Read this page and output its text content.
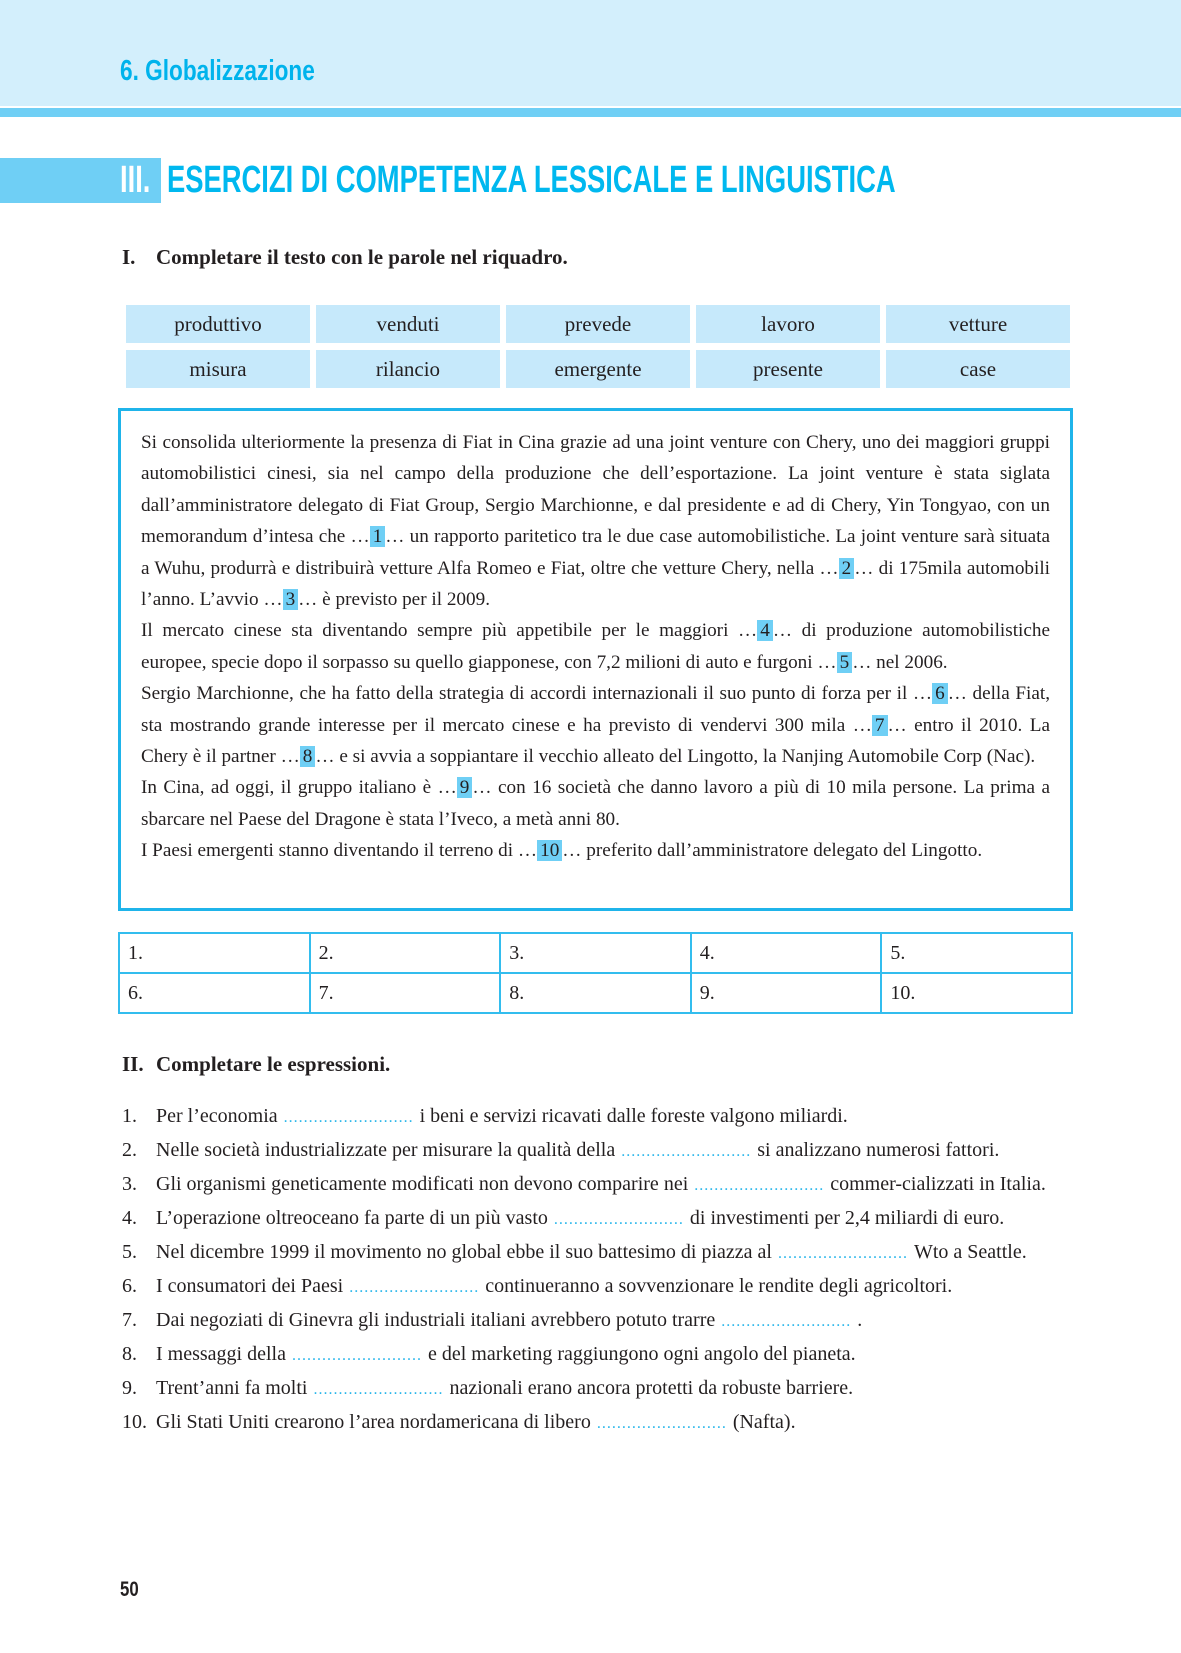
6. Globalizzazione
III. ESERCIZI DI COMPETENZA LESSICALE E LINGUISTICA
I. Completare il testo con le parole nel riquadro.
produttivo	venduti	prevede	lavoro	vetture
misura	rilancio	emergente	presente	case

Si consolida ulteriormente la presenza di Fiat in Cina grazie ad una joint venture con Chery, uno dei maggiori gruppi automobilistici cinesi, sia nel campo della produzione che dell’esportazione. La joint venture è stata siglata dall’amministratore delegato di Fiat Group, Sergio Marchionne, e dal presidente e ad di Chery, Yin Tongyao, con un memorandum d’intesa che … 1 … un rapporto paritetico tra le due case automobilistiche. La joint venture sarà situata a Wuhu, produrrà e distribuirà vetture Alfa Romeo e Fiat, oltre che vetture Chery, nella … 2 … di 175mila automobili l’anno. L’avvio … 3 … è previsto per il 2009.

Il mercato cinese sta diventando sempre più appetibile per le maggiori … 4 … di produzione automobilistiche europee, specie dopo il sorpasso su quello giapponese, con 7,2 milioni di auto e furgoni … 5 … nel 2006.

Sergio Marchionne, che ha fatto della strategia di accordi internazionali il suo punto di forza per il … 6 … della Fiat, sta mostrando grande interesse per il mercato cinese e ha previsto di vendervi 300 mila … 7 … entro il 2010. La Chery è il partner … 8 … e si avvia a soppiantare il vecchio alleato del Lingotto, la Nanjing Automobile Corp (Nac).

In Cina, ad oggi, il gruppo italiano è … 9 … con 16 società che danno lavoro a più di 10 mila persone. La prima a sbarcare nel Paese del Dragone è stata l’Iveco, a metà anni 80.

I Paesi emergenti stanno diventando il terreno di … 10 … preferito dall’amministratore delegato del Lingotto.

1.	2.	3.	4.	5.
6.	7.	8.	9.	10.
II. Completare le espressioni.
1. Per l’economia .......................... i beni e servizi ricavati dalle foreste valgono miliardi.
2. Nelle società industrializzate per misurare la qualità della .......................... si analizzano numerosi fattori.
3. Gli organismi geneticamente modificati non devono comparire nei .......................... commer-cializzati in Italia.
4. L’operazione oltreoceano fa parte di un più vasto .......................... di investimenti per 2,4 miliardi di euro.
5. Nel dicembre 1999 il movimento no global ebbe il suo battesimo di piazza al .......................... Wto a Seattle.
6. I consumatori dei Paesi .......................... continueranno a sovvenzionare le rendite degli agricoltori.
7. Dai negoziati di Ginevra gli industriali italiani avrebbero potuto trarre .......................... .
8. I messaggi della .......................... e del marketing raggiungono ogni angolo del pianeta.
9. Trent’anni fa molti .......................... nazionali erano ancora protetti da robuste barriere.
10. Gli Stati Uniti crearono l’area nordamericana di libero .......................... (Nafta).
50
